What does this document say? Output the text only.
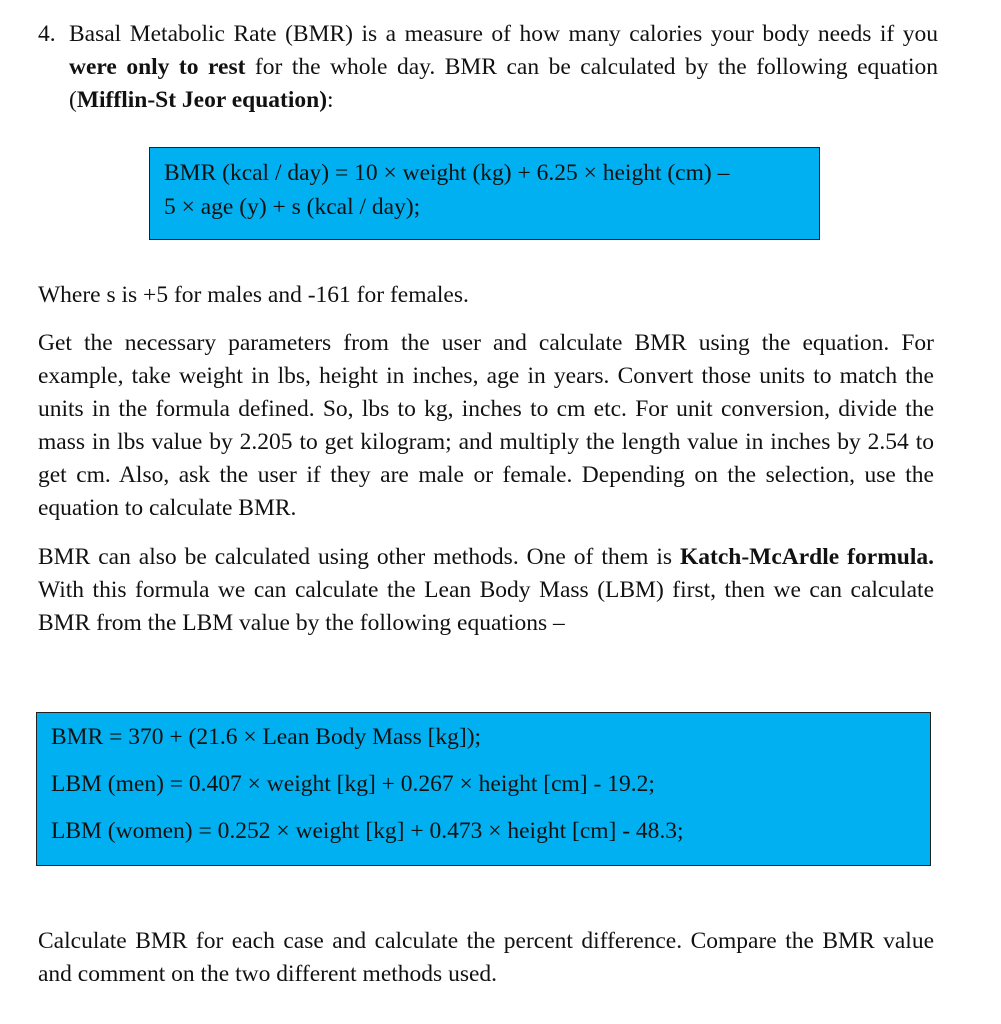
4. Basal Metabolic Rate (BMR) is a measure of how many calories your body needs if you were only to rest for the whole day. BMR can be calculated by the following equation (Mifflin-St Jeor equation):
BMR (kcal / day) = 10 × weight (kg) + 6.25 × height (cm) –
5 × age (y) + s (kcal / day);
Where s is +5 for males and -161 for females.
Get the necessary parameters from the user and calculate BMR using the equation. For example, take weight in lbs, height in inches, age in years. Convert those units to match the units in the formula defined. So, lbs to kg, inches to cm etc. For unit conversion, divide the mass in lbs value by 2.205 to get kilogram; and multiply the length value in inches by 2.54 to get cm. Also, ask the user if they are male or female. Depending on the selection, use the equation to calculate BMR.
BMR can also be calculated using other methods. One of them is Katch-McArdle formula. With this formula we can calculate the Lean Body Mass (LBM) first, then we can calculate BMR from the LBM value by the following equations –
BMR = 370 + (21.6 × Lean Body Mass [kg]);
LBM (men) = 0.407 × weight [kg] + 0.267 × height [cm] - 19.2;
LBM (women) = 0.252 × weight [kg] + 0.473 × height [cm] - 48.3;
Calculate BMR for each case and calculate the percent difference. Compare the BMR value and comment on the two different methods used.
